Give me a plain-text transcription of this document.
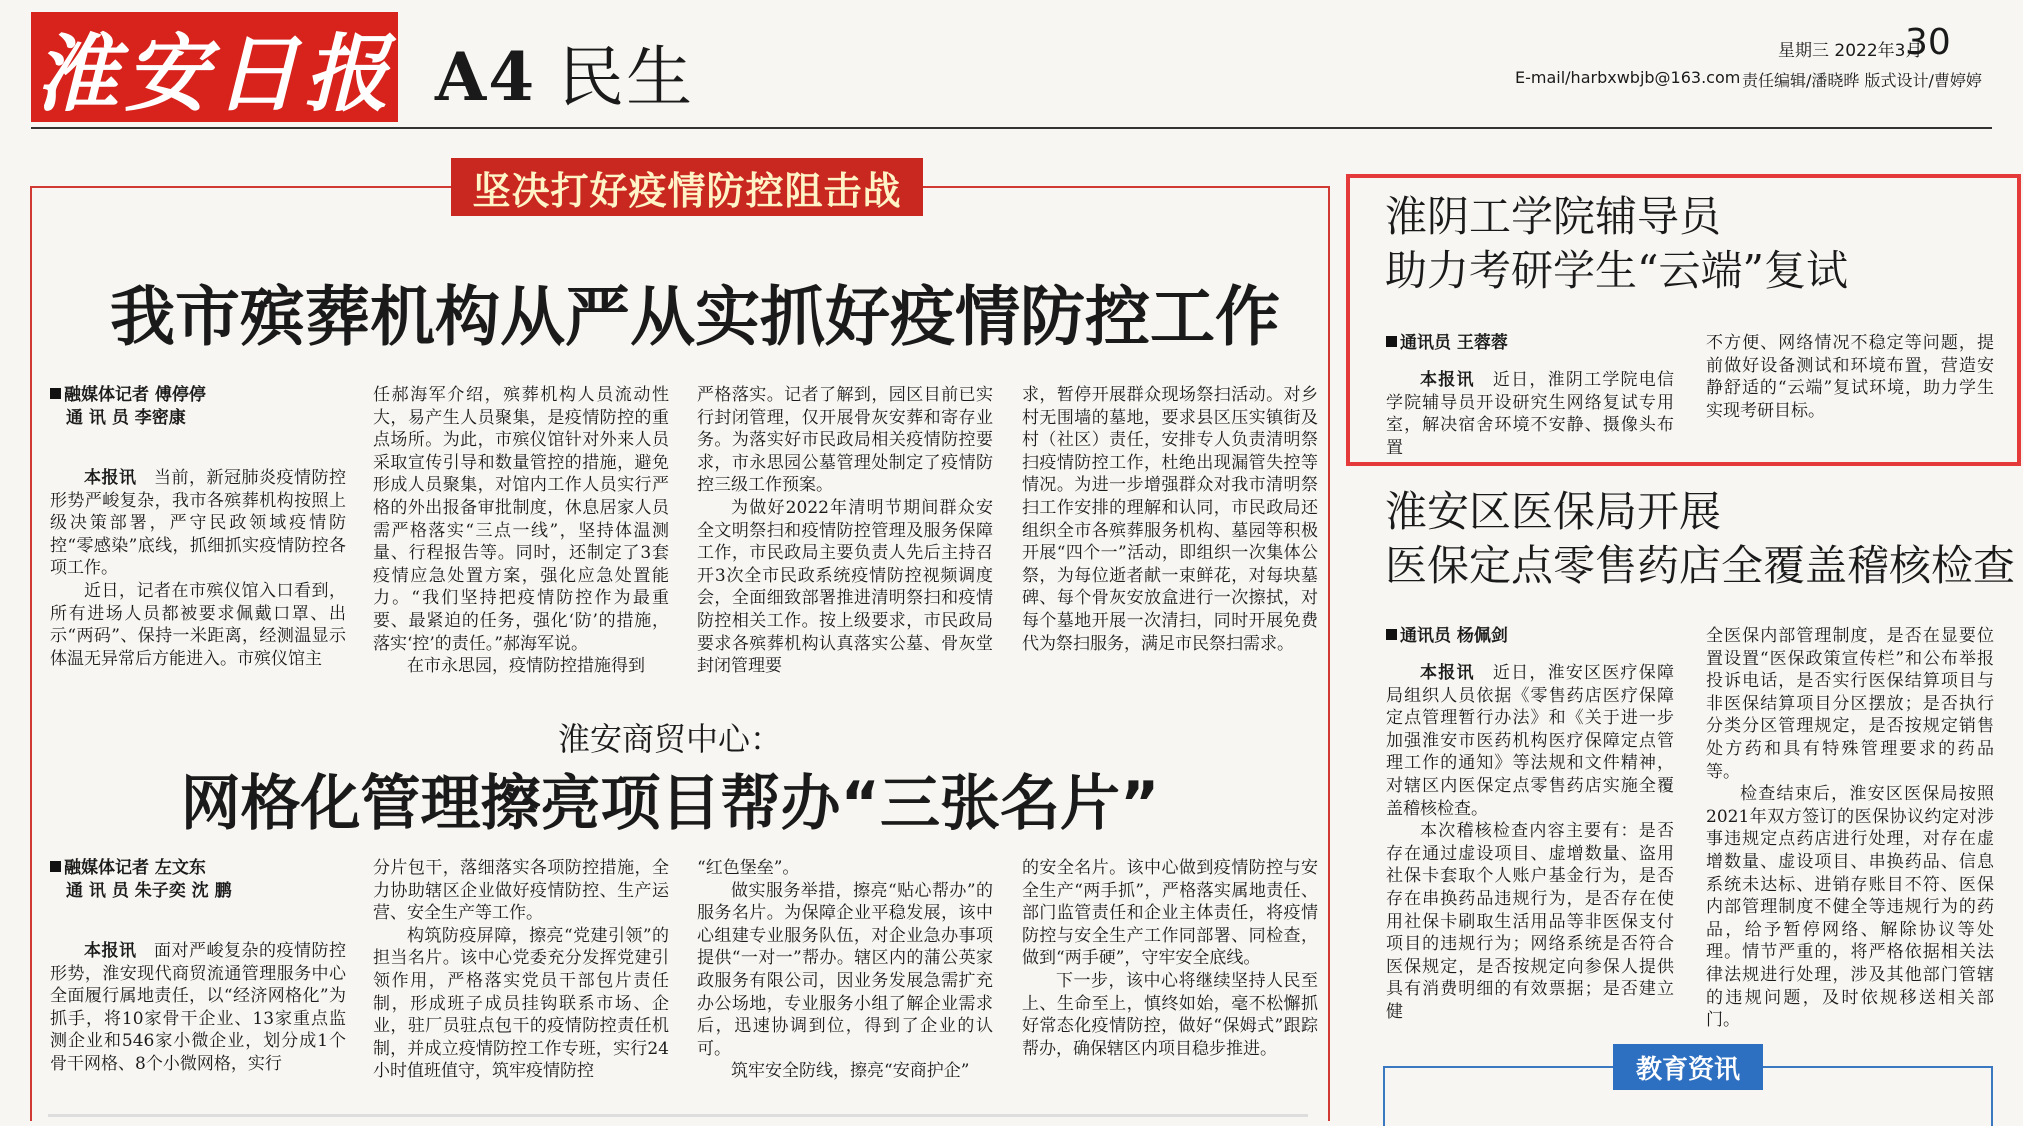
淮安日报 A4 民生	星期三 2022年3月
30
E-mail/harbxwbjb@163.com 责任编辑/潘晓晔 版式设计/曹婷婷
坚决打好疫情防控阻击战
我市殡葬机构从严从实抓好疫情防控工作
融媒体记者 傅停停
通 讯 员 李密康

本报讯  当前，新冠肺炎疫情防控形势严峻复杂，我市各殡葬机构按照上级决策部署，严守民政领域疫情防控“零感染”底线，抓细抓实疫情防控各项工作。

近日，记者在市殡仪馆入口看到，所有进场人员都被要求佩戴口罩、出示“两码”、保持一米距离，经测温显示体温无异常后方能进入。市殡仪馆主

任郝海军介绍，殡葬机构人员流动性大，易产生人员聚集，是疫情防控的重点场所。为此，市殡仪馆针对外来人员采取宣传引导和数量管控的措施，避免形成人员聚集，对馆内工作人员实行严格的外出报备审批制度，休息居家人员需严格落实“三点一线”，坚持体温测量、行程报告等。同时，还制定了3套疫情应急处置方案，强化应急处置能力。“我们坚持把疫情防控作为最重要、最紧迫的任务，强化‘防’的措施，落实‘控’的责任。”郝海军说。

在市永思园，疫情防控措施得到

严格落实。记者了解到，园区目前已实行封闭管理，仅开展骨灰安葬和寄存业务。为落实好市民政局相关疫情防控要求，市永思园公墓管理处制定了疫情防控三级工作预案。

为做好2022年清明节期间群众安全文明祭扫和疫情防控管理及服务保障工作，市民政局主要负责人先后主持召开3次全市民政系统疫情防控视频调度会，全面细致部署推进清明祭扫和疫情防控相关工作。按上级要求，市民政局要求各殡葬机构认真落实公墓、骨灰堂封闭管理要

求，暂停开展群众现场祭扫活动。对乡村无围墙的墓地，要求县区压实镇街及村（社区）责任，安排专人负责清明祭扫疫情防控工作，杜绝出现漏管失控等情况。为进一步增强群众对我市清明祭扫工作安排的理解和认同，市民政局还组织全市各殡葬服务机构、墓园等积极开展“四个一”活动，即组织一次集体公祭，为每位逝者献一束鲜花，对每块墓碑、每个骨灰安放盒进行一次擦拭，对每个墓地开展一次清扫，同时开展免费代为祭扫服务，满足市民祭扫需求。

淮安商贸中心：
网格化管理擦亮项目帮办“三张名片”
融媒体记者 左文东
通 讯 员 朱子奕 沈 鹏

本报讯  面对严峻复杂的疫情防控形势，淮安现代商贸流通管理服务中心全面履行属地责任，以“经济网格化”为抓手，将10家骨干企业、13家重点监测企业和546家小微企业，划分成1个骨干网格、8个小微网格，实行

分片包干，落细落实各项防控措施，全力协助辖区企业做好疫情防控、生产运营、安全生产等工作。

构筑防疫屏障，擦亮“党建引领”的担当名片。该中心党委充分发挥党建引领作用，严格落实党员干部包片责任制，形成班子成员挂钩联系市场、企业，驻厂员驻点包干的疫情防控责任机制，并成立疫情防控工作专班，实行24小时值班值守，筑牢疫情防控

“红色堡垒”。

做实服务举措，擦亮“贴心帮办”的服务名片。为保障企业平稳发展，该中心组建专业服务队伍，对企业急办事项提供“一对一”帮办。辖区内的蒲公英家政服务有限公司，因业务发展急需扩充办公场地，专业服务小组了解企业需求后，迅速协调到位，得到了企业的认可。

筑牢安全防线，擦亮“安商护企”

的安全名片。该中心做到疫情防控与安全生产“两手抓”，严格落实属地责任、部门监管责任和企业主体责任，将疫情防控与安全生产工作同部署、同检查，做到“两手硬”，守牢安全底线。

下一步，该中心将继续坚持人民至上、生命至上，慎终如始，毫不松懈抓好常态化疫情防控，做好“保姆式”跟踪帮办，确保辖区内项目稳步推进。

淮阴工学院辅导员
助力考研学生“云端”复试
通讯员 王蓉蓉

本报讯  近日，淮阴工学院电信学院辅导员开设研究生网络复试专用室，解决宿舍环境不安静、摄像头布置

不方便、网络情况不稳定等问题，提前做好设备测试和环境布置，营造安静舒适的“云端”复试环境，助力学生实现考研目标。

淮安区医保局开展
医保定点零售药店全覆盖稽核检查
通讯员 杨佩剑

本报讯  近日，淮安区医疗保障局组织人员依据《零售药店医疗保障定点管理暂行办法》和《关于进一步加强淮安市医药机构医疗保障定点管理工作的通知》等法规和文件精神，对辖区内医保定点零售药店实施全覆盖稽核检查。

本次稽核检查内容主要有：是否存在通过虚设项目、虚增数量、盗用社保卡套取个人账户基金行为，是否存在串换药品违规行为，是否存在使用社保卡刷取生活用品等非医保支付项目的违规行为；网络系统是否符合医保规定，是否按规定向参保人提供具有消费明细的有效票据；是否建立健

全医保内部管理制度，是否在显要位置设置“医保政策宣传栏”和公布举报投诉电话，是否实行医保结算项目与非医保结算项目分区摆放；是否执行分类分区管理规定，是否按规定销售处方药和具有特殊管理要求的药品等。

检查结束后，淮安区医保局按照2021年双方签订的医保协议约定对涉事违规定点药店进行处理，对存在虚增数量、虚设项目、串换药品、信息系统未达标、进销存账目不符、医保内部管理制度不健全等违规行为的药品，给予暂停网络、解除协议等处理。情节严重的，将严格依据相关法律法规进行处理，涉及其他部门管辖的违规问题，及时依规移送相关部门。

教育资讯
